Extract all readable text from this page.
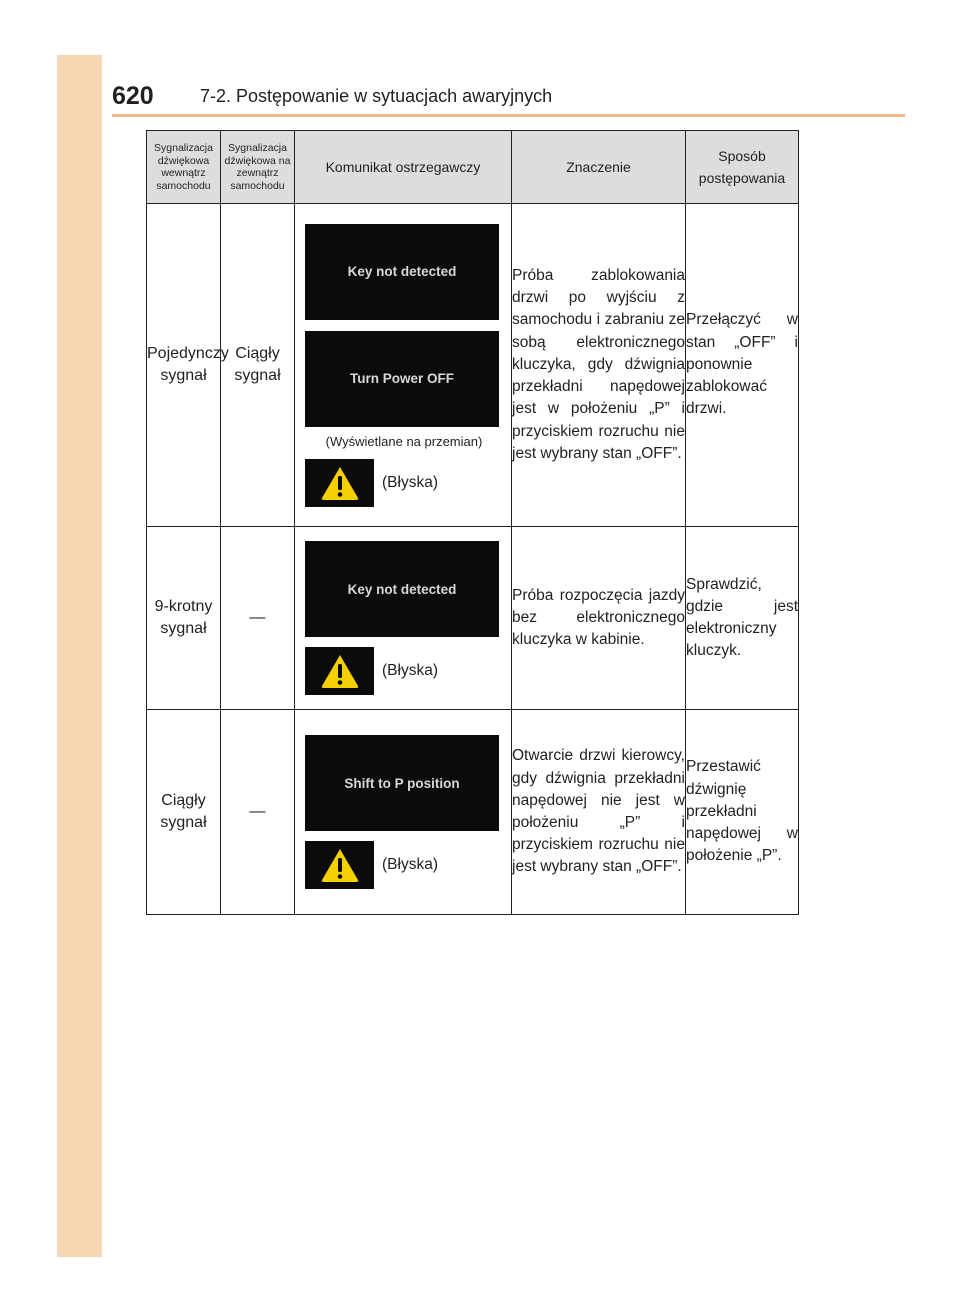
620	7-2. Postępowanie w sytuacjach awaryjnych
Sygnalizacja dźwiękowa wewnątrz samochodu	Sygnalizacja dźwiękowa na zewnątrz samochodu	Komunikat ostrzegawczy	Znaczenie	Sposób postępowania
Pojedynczy sygnał	Ciągły sygnał	Key not detected
Turn Power OFF
(Wyświetlane na przemian)
(Błyska)	Próba zablokowania drzwi po wyjściu z samochodu i zabraniu ze sobą elektronicznego kluczyka, gdy dźwignia przekładni napędowej jest w położeniu „P” i przyciskiem rozruchu nie jest wybrany stan „OFF”.	Przełączyć w stan „OFF” i ponownie zablokować drzwi.
9-krotny sygnał	—	Key not detected
(Błyska)	Próba rozpoczęcia jazdy bez elektronicznego kluczyka w kabinie.	Sprawdzić, gdzie jest elektroniczny kluczyk.
Ciągły sygnał	—	Shift to P position
(Błyska)	Otwarcie drzwi kierowcy, gdy dźwignia przekładni napędowej nie jest w położeniu „P” i przyciskiem rozruchu nie jest wybrany stan „OFF”.	Przestawić dźwignię przekładni napędowej w położenie „P”.
